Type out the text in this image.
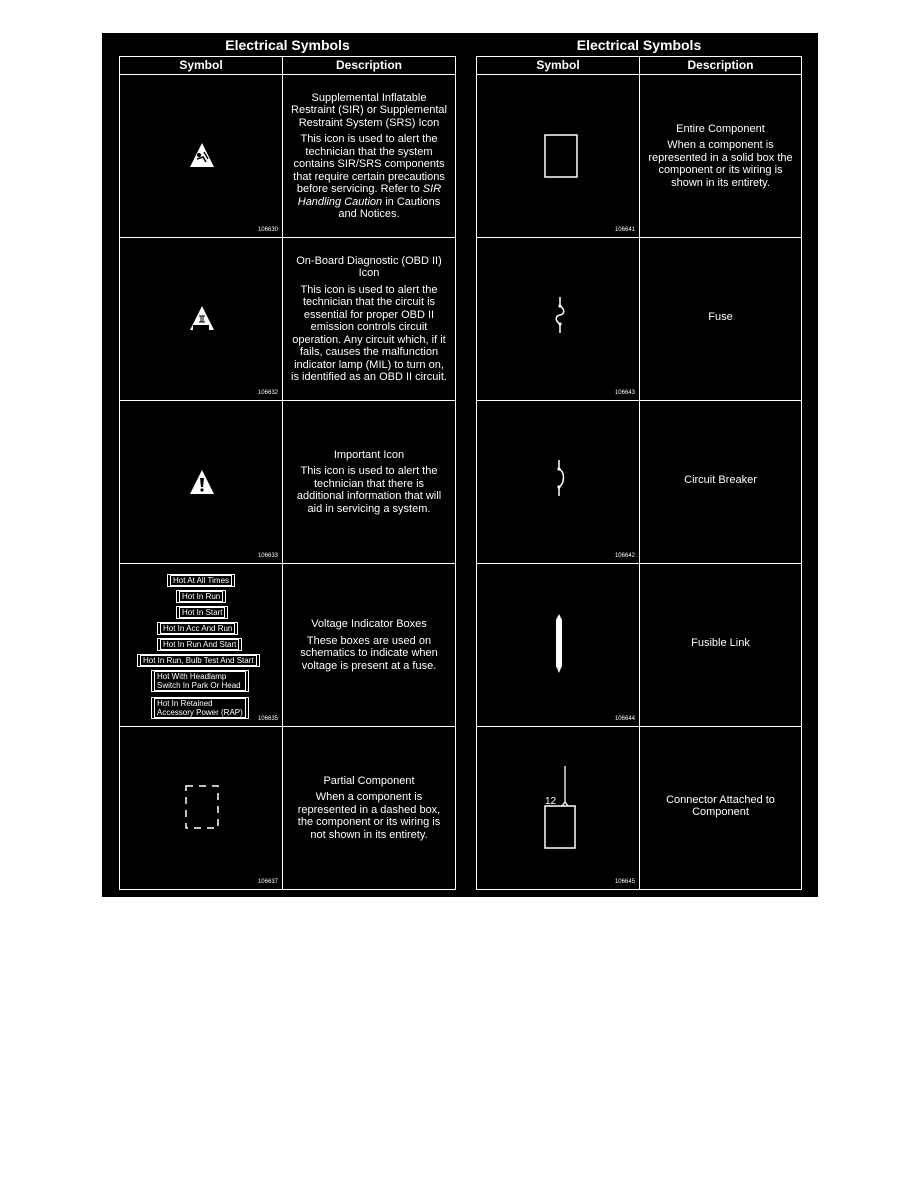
Electrical Symbols
Symbol	Description
106630
Supplemental Inflatable Restraint (SIR) or Supplemental Restraint System (SRS) Icon
This icon is used to alert the technician that the system contains SIR/SRS components that require certain precautions before servicing. Refer to SIR Handling Caution in Cautions and Notices.
106632
On-Board Diagnostic (OBD II) Icon
This icon is used to alert the technician that the circuit is essential for proper OBD II emission controls circuit operation. Any circuit which, if it fails, causes the malfunction indicator lamp (MIL) to turn on, is identified as an OBD II circuit.
106633
Important Icon
This icon is used to alert the technician that there is additional information that will aid in servicing a system.
Hot At All Times
Hot In Run
Hot In Start
Hot In Acc And Run
Hot In Run And Start
Hot In Run, Bulb Test And Start
Hot With Headlamp Switch In Park Or Head
Hot In Retained Accessory Power (RAP)
106635
Voltage Indicator Boxes
These boxes are used on schematics to indicate when voltage is present at a fuse.
106637
Partial Component
When a component is represented in a dashed box, the component or its wiring is not shown in its entirety.
Electrical Symbols
Symbol	Description
106641
Entire Component
When a component is represented in a solid box the component or its wiring is shown in its entirety.
106643
Fuse
106642
Circuit Breaker
106644
Fusible Link
12
106645
Connector Attached to Component
